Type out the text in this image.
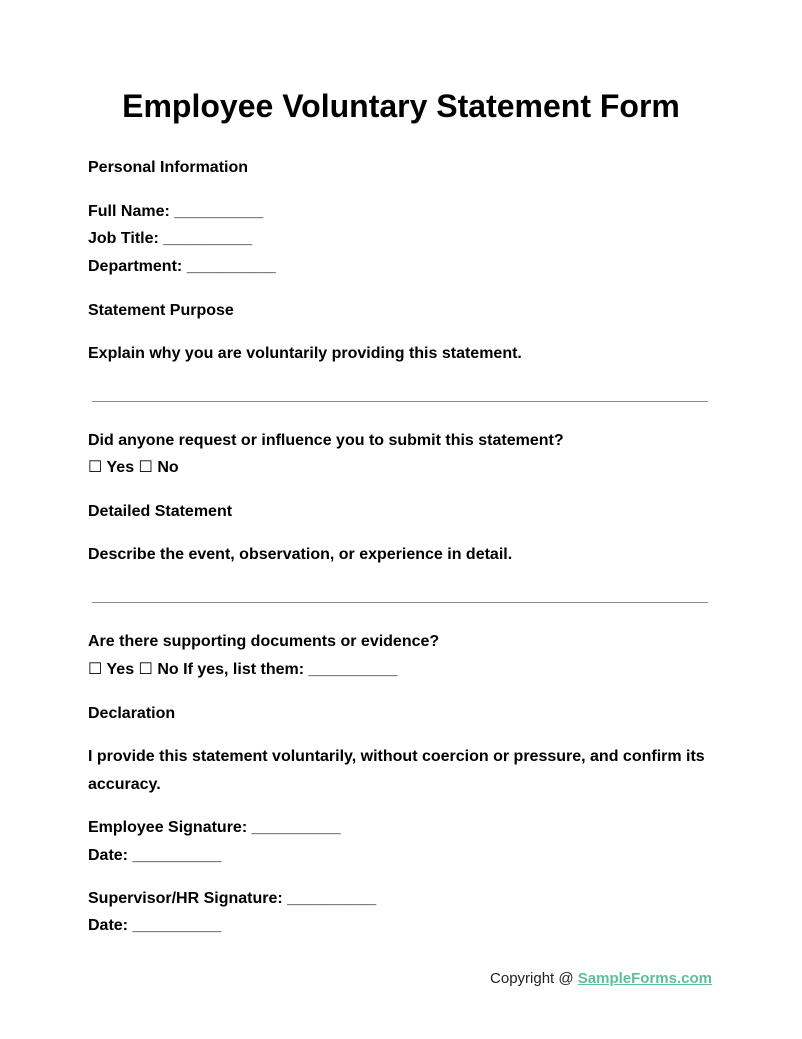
Employee Voluntary Statement Form

Personal Information

Full Name: __________

Job Title: __________

Department: __________

Statement Purpose

Explain why you are voluntarily providing this statement.

Did anyone request or influence you to submit this statement?

☐ Yes ☐ No

Detailed Statement

Describe the event, observation, or experience in detail.

Are there supporting documents or evidence?

☐ Yes ☐ No If yes, list them: __________

Declaration

I provide this statement voluntarily, without coercion or pressure, and confirm its accuracy.

Employee Signature: __________

Date: __________

Supervisor/HR Signature: __________

Date: __________

Copyright @ SampleForms.com
